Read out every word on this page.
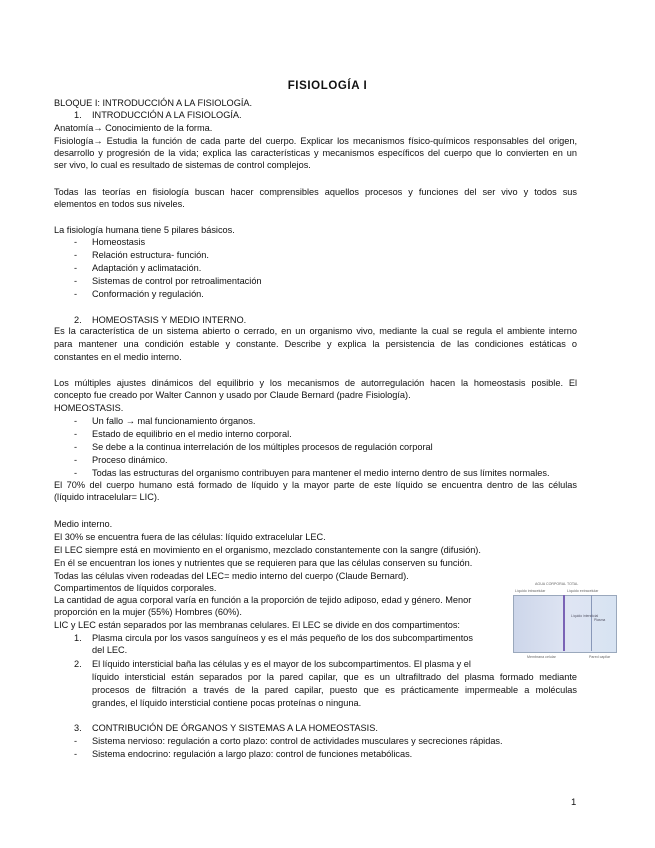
FISIOLOGÍA I
BLOQUE I: INTRODUCCIÓN A LA FISIOLOGÍA.
1. INTRODUCCIÓN A LA FISIOLOGÍA.
Anatomía→ Conocimiento de la forma.
Fisiología→ Estudia la función de cada parte del cuerpo. Explicar los mecanismos físico-químicos responsables del origen,
desarrollo y progresión de la vida; explica las características y mecanismos específicos del cuerpo que lo convierten en un
ser vivo, lo cual es resultado de sistemas de control complejos.
Todas las teorías en fisiología buscan hacer comprensibles aquellos procesos y funciones del ser vivo y todos sus
elementos en todos sus niveles.
La fisiología humana tiene 5 pilares básicos.
- Homeostasis
- Relación estructura- función.
- Adaptación y aclimatación.
- Sistemas de control por retroalimentación
- Conformación y regulación.
2. HOMEOSTASIS Y MEDIO INTERNO.
Es la característica de un sistema abierto o cerrado, en un organismo vivo, mediante la cual se regula el ambiente interno
para mantener una condición estable y constante. Describe y explica la persistencia de las condiciones estáticas o
constantes en el medio interno.
Los múltiples ajustes dinámicos del equilibrio y los mecanismos de autorregulación hacen la homeostasis posible. El
concepto fue creado por Walter Cannon y usado por Claude Bernard (padre Fisiología).
HOMEOSTASIS.
- Un fallo → mal funcionamiento órganos.
- Estado de equilibrio en el medio interno corporal.
- Se debe a la continua interrelación de los múltiples procesos de regulación corporal
- Proceso dinámico.
- Todas las estructuras del organismo contribuyen para mantener el medio interno dentro de sus límites normales.
El 70% del cuerpo humano está formado de líquido y la mayor parte de este líquido se encuentra dentro de las células
(líquido intracelular= LIC).
Medio interno.
El 30% se encuentra fuera de las células: líquido extracelular LEC.
El LEC siempre está en movimiento en el organismo, mezclado constantemente con la sangre (difusión).
En él se encuentran los iones y nutrientes que se requieren para que las células conserven su función.
Todas las células viven rodeadas del LEC= medio interno del cuerpo (Claude Bernard).
Compartimentos de líquidos corporales.
La cantidad de agua corporal varía en función a la proporción de tejido adiposo, edad y género. Menor
proporción en la mujer (55%) Hombres (60%).
LIC y LEC están separados por las membranas celulares. El LEC se divide en dos compartimentos:
1. Plasma circula por los vasos sanguíneos y es el más pequeño de los dos subcompartimentos
del LEC.
2. El líquido intersticial baña las células y es el mayor de los subcompartimentos. El plasma y el
líquido intersticial están separados por la pared capilar, que es un ultrafiltrado del plasma formado mediante
procesos de filtración a través de la pared capilar, puesto que es prácticamente impermeable a moléculas
grandes, el líquido intersticial contiene pocas proteínas o ninguna.
3. CONTRIBUCIÓN DE ÓRGANOS Y SISTEMAS A LA HOMEOSTASIS.
- Sistema nervioso: regulación a corto plazo: control de actividades musculares y secreciones rápidas.
- Sistema endocrino: regulación a largo plazo: control de funciones metabólicas.
AGUA CORPORAL TOTAL
Líquido intracelular	Líquido extracelular
Líquido intersticial
Plasma
Membrana celular	Pared capilar
1
